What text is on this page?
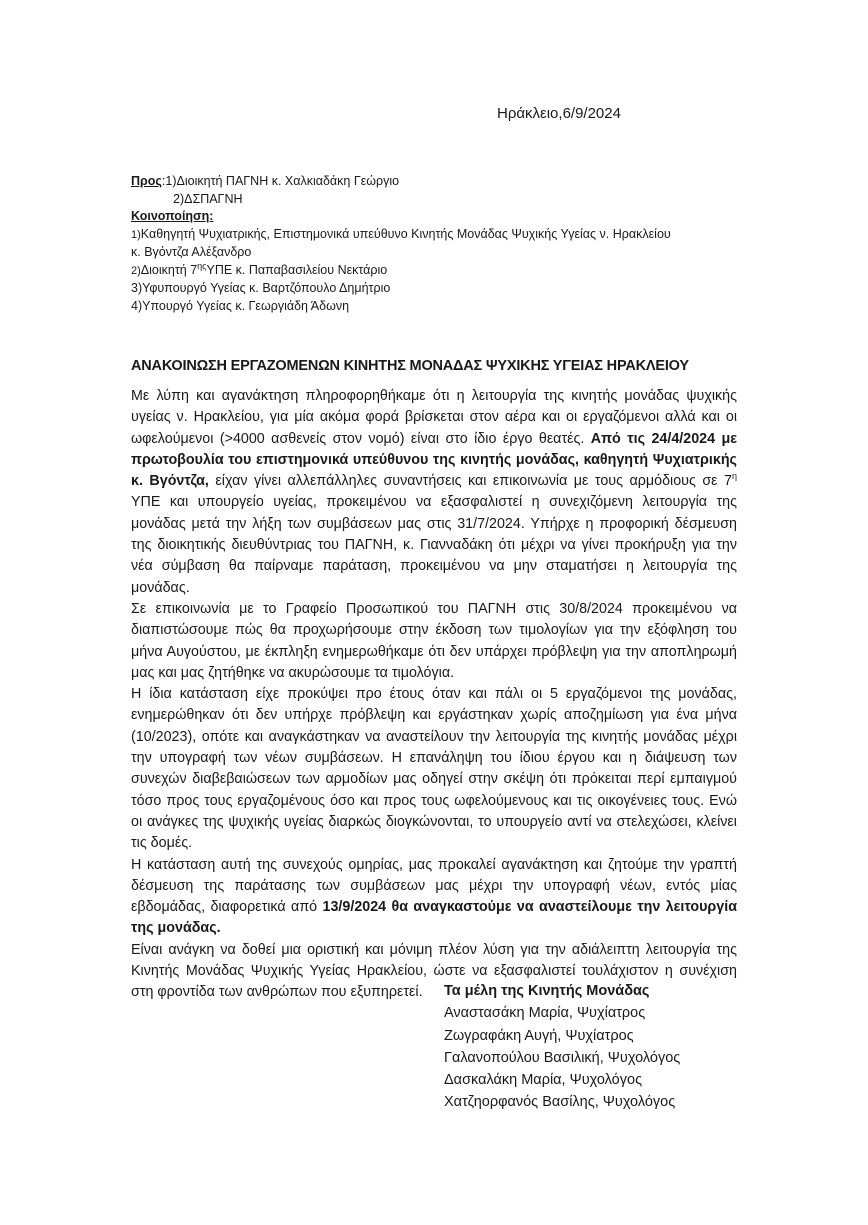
Ηράκλειο,6/9/2024
Προς:1)Διοικητή ΠΑΓΝΗ κ. Χαλκιαδάκη Γεώργιο
2)ΔΣΠΑΓΝΗ
Κοινοποίηση:
1)Καθηγητή Ψυχιατρικής, Επιστημονικά υπεύθυνο Κινητής Μονάδας Ψυχικής Υγείας ν. Ηρακλείου
κ. Βγόντζα Αλέξανδρο
2)Διοικητή $7^{\eta\varsigma}\Upsilon\Pi E$ κ. Παπαβασιλείου Νεκτάριο
3)Υφυπουργό Υγείας κ. Βαρτζόπουλο Δημήτριο
4)Υπουργό Υγείας κ. Γεωργιάδη Άδωνη
ΑΝΑΚΟΙΝΩΣΗ ΕΡΓΑΖΟΜΕΝΩΝ ΚΙΝΗΤΗΣ ΜΟΝΑΔΑΣ ΨΥΧΙΚΗΣ ΥΓΕΙΑΣ ΗΡΑΚΛΕΙΟΥ

Με λύπη και αγανάκτηση πληροφορηθήκαμε ότι η λειτουργία της κινητής μονάδας ψυχικής υγείας ν. Ηρακλείου, για μία ακόμα φορά βρίσκεται στον αέρα και οι εργαζόμενοι αλλά και οι ωφελούμενοι (>4000 ασθενείς στον νομό) είναι στο ίδιο έργο θεατές. Από τις 24/4/2024 με πρωτοβουλία του επιστημονικά υπεύθυνου της κινητής μονάδας, καθηγητή Ψυχιατρικής κ. Βγόντζα, είχαν γίνει αλλεπάλληλες συναντήσεις και επικοινωνία με τους αρμόδιους σε $7^\eta$ ΥΠΕ και υπουργείο υγείας, προκειμένου να εξασφαλιστεί η συνεχιζόμενη λειτουργία της μονάδας μετά την λήξη των συμβάσεων μας στις 31/7/2024. Υπήρχε η προφορική δέσμευση της διοικητικής διευθύντριας του ΠΑΓΝΗ, κ. Γιανναδάκη ότι μέχρι να γίνει προκήρυξη για την νέα σύμβαση θα παίρναμε παράταση, προκειμένου να μην σταματήσει η λειτουργία της μονάδας.

Σε επικοινωνία με το Γραφείο Προσωπικού του ΠΑΓΝΗ στις 30/8/2024 προκειμένου να διαπιστώσουμε πώς θα προχωρήσουμε στην έκδοση των τιμολογίων για την εξόφληση του μήνα Αυγούστου, με έκπληξη ενημερωθήκαμε ότι δεν υπάρχει πρόβλεψη για την αποπληρωμή μας και μας ζητήθηκε να ακυρώσουμε τα τιμολόγια.

Η ίδια κατάσταση είχε προκύψει προ έτους όταν και πάλι οι 5 εργαζόμενοι της μονάδας, ενημερώθηκαν ότι δεν υπήρχε πρόβλεψη και εργάστηκαν χωρίς αποζημίωση για ένα μήνα (10/2023), οπότε και αναγκάστηκαν να αναστείλουν την λειτουργία της κινητής μονάδας μέχρι την υπογραφή των νέων συμβάσεων. Η επανάληψη του ίδιου έργου και η διάψευση των συνεχών διαβεβαιώσεων των αρμοδίων μας οδηγεί στην σκέψη ότι πρόκειται περί εμπαιγμού τόσο προς τους εργαζομένους όσο και προς τους ωφελούμενους και τις οικογένειες τους. Ενώ οι ανάγκες της ψυχικής υγείας διαρκώς διογκώνονται, το υπουργείο αντί να στελεχώσει, κλείνει τις δομές.

Η κατάσταση αυτή της συνεχούς ομηρίας, μας προκαλεί αγανάκτηση και ζητούμε την γραπτή δέσμευση της παράτασης των συμβάσεων μας μέχρι την υπογραφή νέων, εντός μίας εβδομάδας, διαφορετικά από 13/9/2024 θα αναγκαστούμε να αναστείλουμε την λειτουργία της μονάδας.

Είναι ανάγκη να δοθεί μια οριστική και μόνιμη πλέον λύση για την αδιάλειπτη λειτουργία της Κινητής Μονάδας Ψυχικής Υγείας Ηρακλείου, ώστε να εξασφαλιστεί τουλάχιστον η συνέχιση στη φροντίδα των ανθρώπων που εξυπηρετεί.	Τα μέλη της Κινητής Μονάδας
Αναστασάκη Μαρία, Ψυχίατρος
Ζωγραφάκη Αυγή, Ψυχίατρος
Γαλανοπούλου Βασιλική, Ψυχολόγος
Δασκαλάκη Μαρία, Ψυχολόγος
Χατζηορφανός Βασίλης, Ψυχολόγος
